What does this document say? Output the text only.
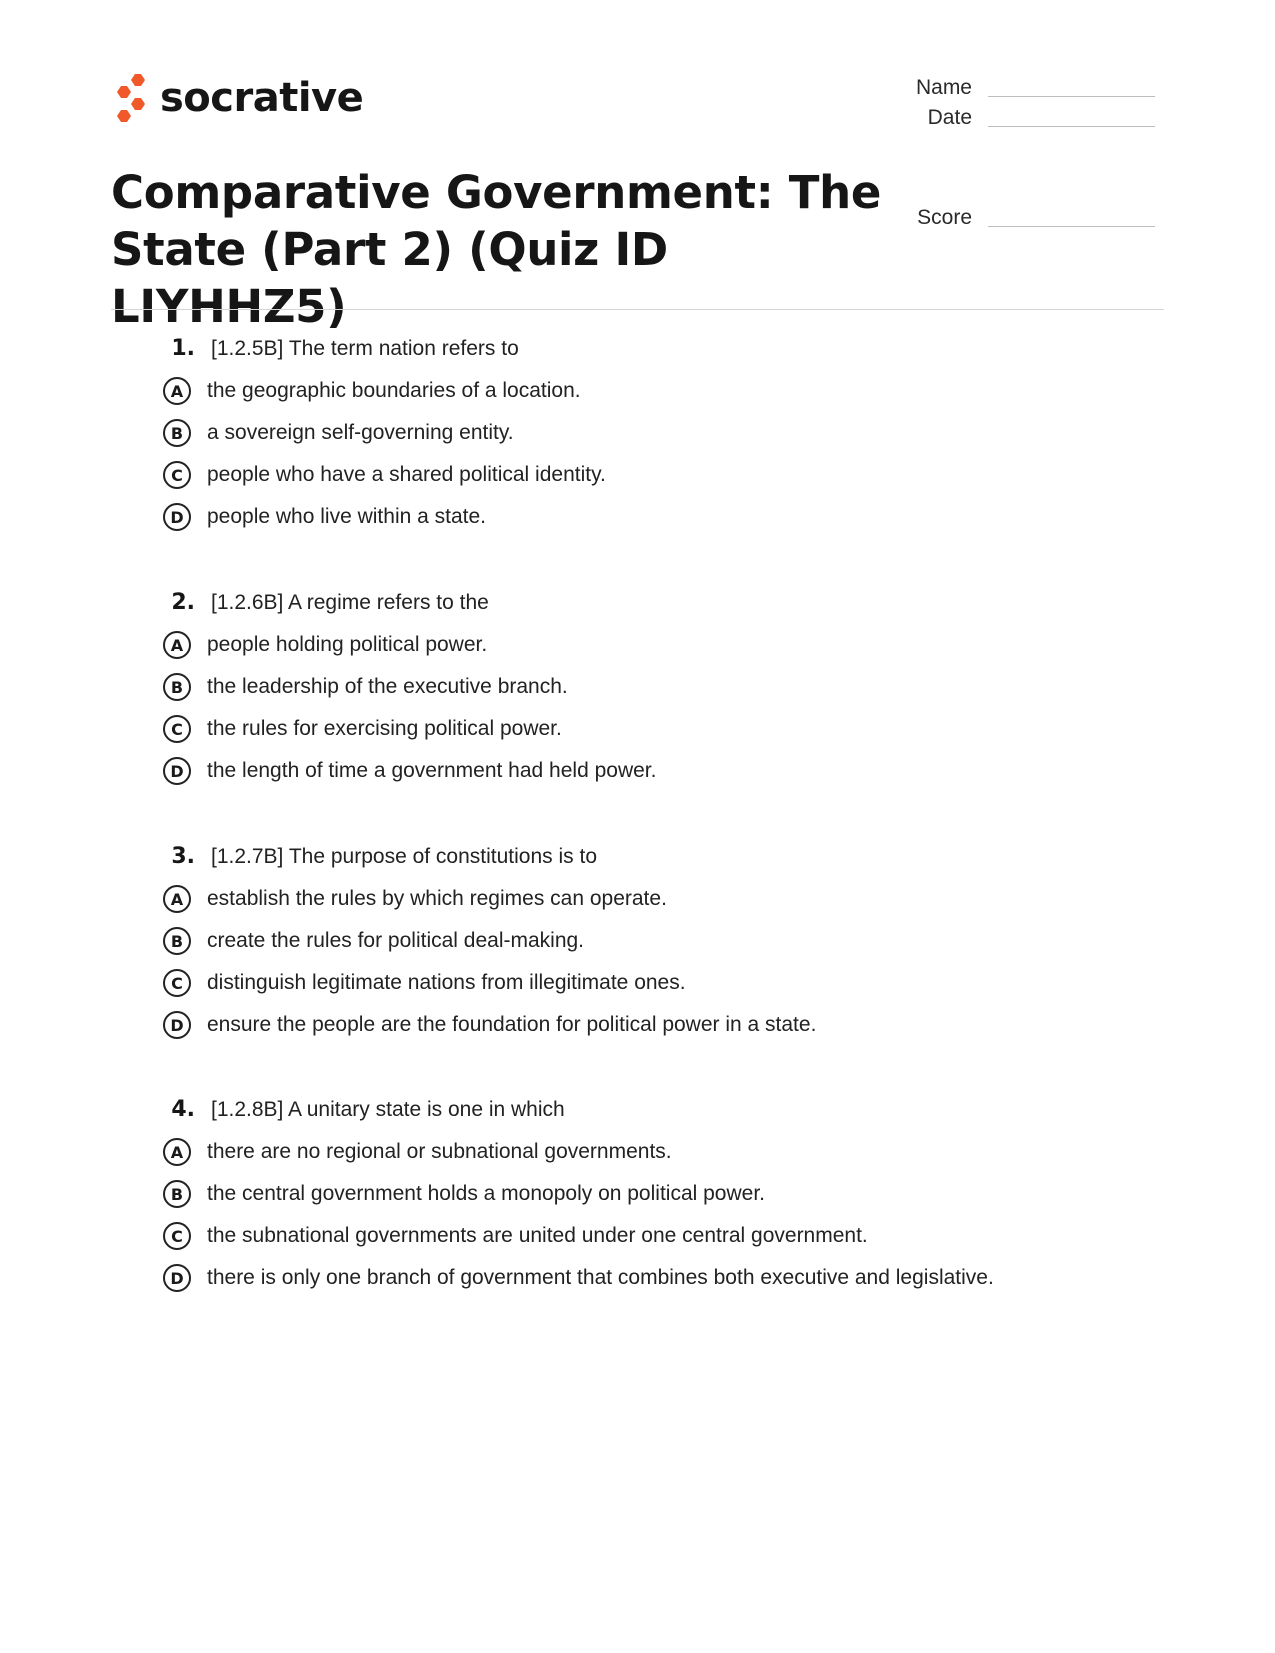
socrative	Name
Date
Score
Comparative Government: The State (Part 2) (Quiz ID LIYHHZ5)
1. [1.2.5B] The term nation refers to
A	the geographic boundaries of a location.
B	a sovereign self-governing entity.
C	people who have a shared political identity.
D	people who live within a state.
2. [1.2.6B] A regime refers to the
A	people holding political power.
B	the leadership of the executive branch.
C	the rules for exercising political power.
D	the length of time a government had held power.
3. [1.2.7B] The purpose of constitutions is to
A	establish the rules by which regimes can operate.
B	create the rules for political deal-making.
C	distinguish legitimate nations from illegitimate ones.
D	ensure the people are the foundation for political power in a state.
4. [1.2.8B] A unitary state is one in which
A	there are no regional or subnational governments.
B	the central government holds a monopoly on political power.
C	the subnational governments are united under one central government.
D	there is only one branch of government that combines both executive and legislative.
